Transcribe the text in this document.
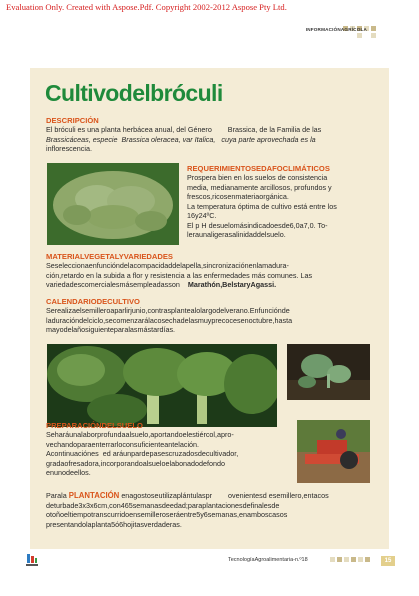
Evaluation Only. Created with Aspose.Pdf. Copyright 2002-2012 Aspose Pty Ltd.
INFORMACIÓNAGRÍCOLA
Cultivodelbróculi
DESCRIPCIÓN
El bróculi es una planta herbácea anual, del Género        Brassica, de la Familia de las
Brassicáceas, especie  Brassica oleracea, var Italica,   cuya parte aprovechada es la
inflorescencia.
REQUERIMIENTOSEDAFOCLIMÁTICOS
Prospera bien en los suelos de consistencia
media, medianamente arcillosos, profundos y
frescos,ricosenmateriaorgánica.
La temperatura óptima de cultivo está entre los
16y24ºC.
El p H desuelomásindicadoesde6,0a7,0. To-
leraunaligerasalinidaddelsuelo.
MATERIALVEGETALYVARIEDADES
Seseleccionaenfuncióndelacompacidaddelapella,sincronizaciónenlamadura-
ción,retardo en la subida a flor y resistencia a las enfermedades más comunes. Las
variedadescomercialesmásempleadasson Marathón,BelstaryAgassi.
CALENDARIODECULTIVO
Serealizaelsemilleroaparlirjunio,contrasplantealolargodelverano.Enfunciónde
laduracióndelciclo,secomenzarálacosechadelasmuyprecocesenoctubre,hasta
mayodelañosiguienteparalasmástardías.
PREPARACIÓNDELSUELO
Seharáunalaborprofundaalsuelo,aportandoelestiércol,apro-
vechandoparaenterrarloconsuficienteantelación.
Acontinuaciónes  ed aráunpardepasescruzadosdecultivador,
gradaofresadora,incorporandoalsueloelabonadodefondo
enunodeellos.
Parala PLANTACIÓN enagostoseutilizaplántulaspr        ovenientesd esemillero,entacos
deturbade3x3x6cm,con465semanasdeedad;paraplantacionesdefinalesde
otoñoeltiempotranscurridoensemilleroseráentre5y6semanas,enamboscasos
presentandolaplanta5ó6hojitasverdaderas.
TecnologíaAgroalimentaria-n.º18	15
